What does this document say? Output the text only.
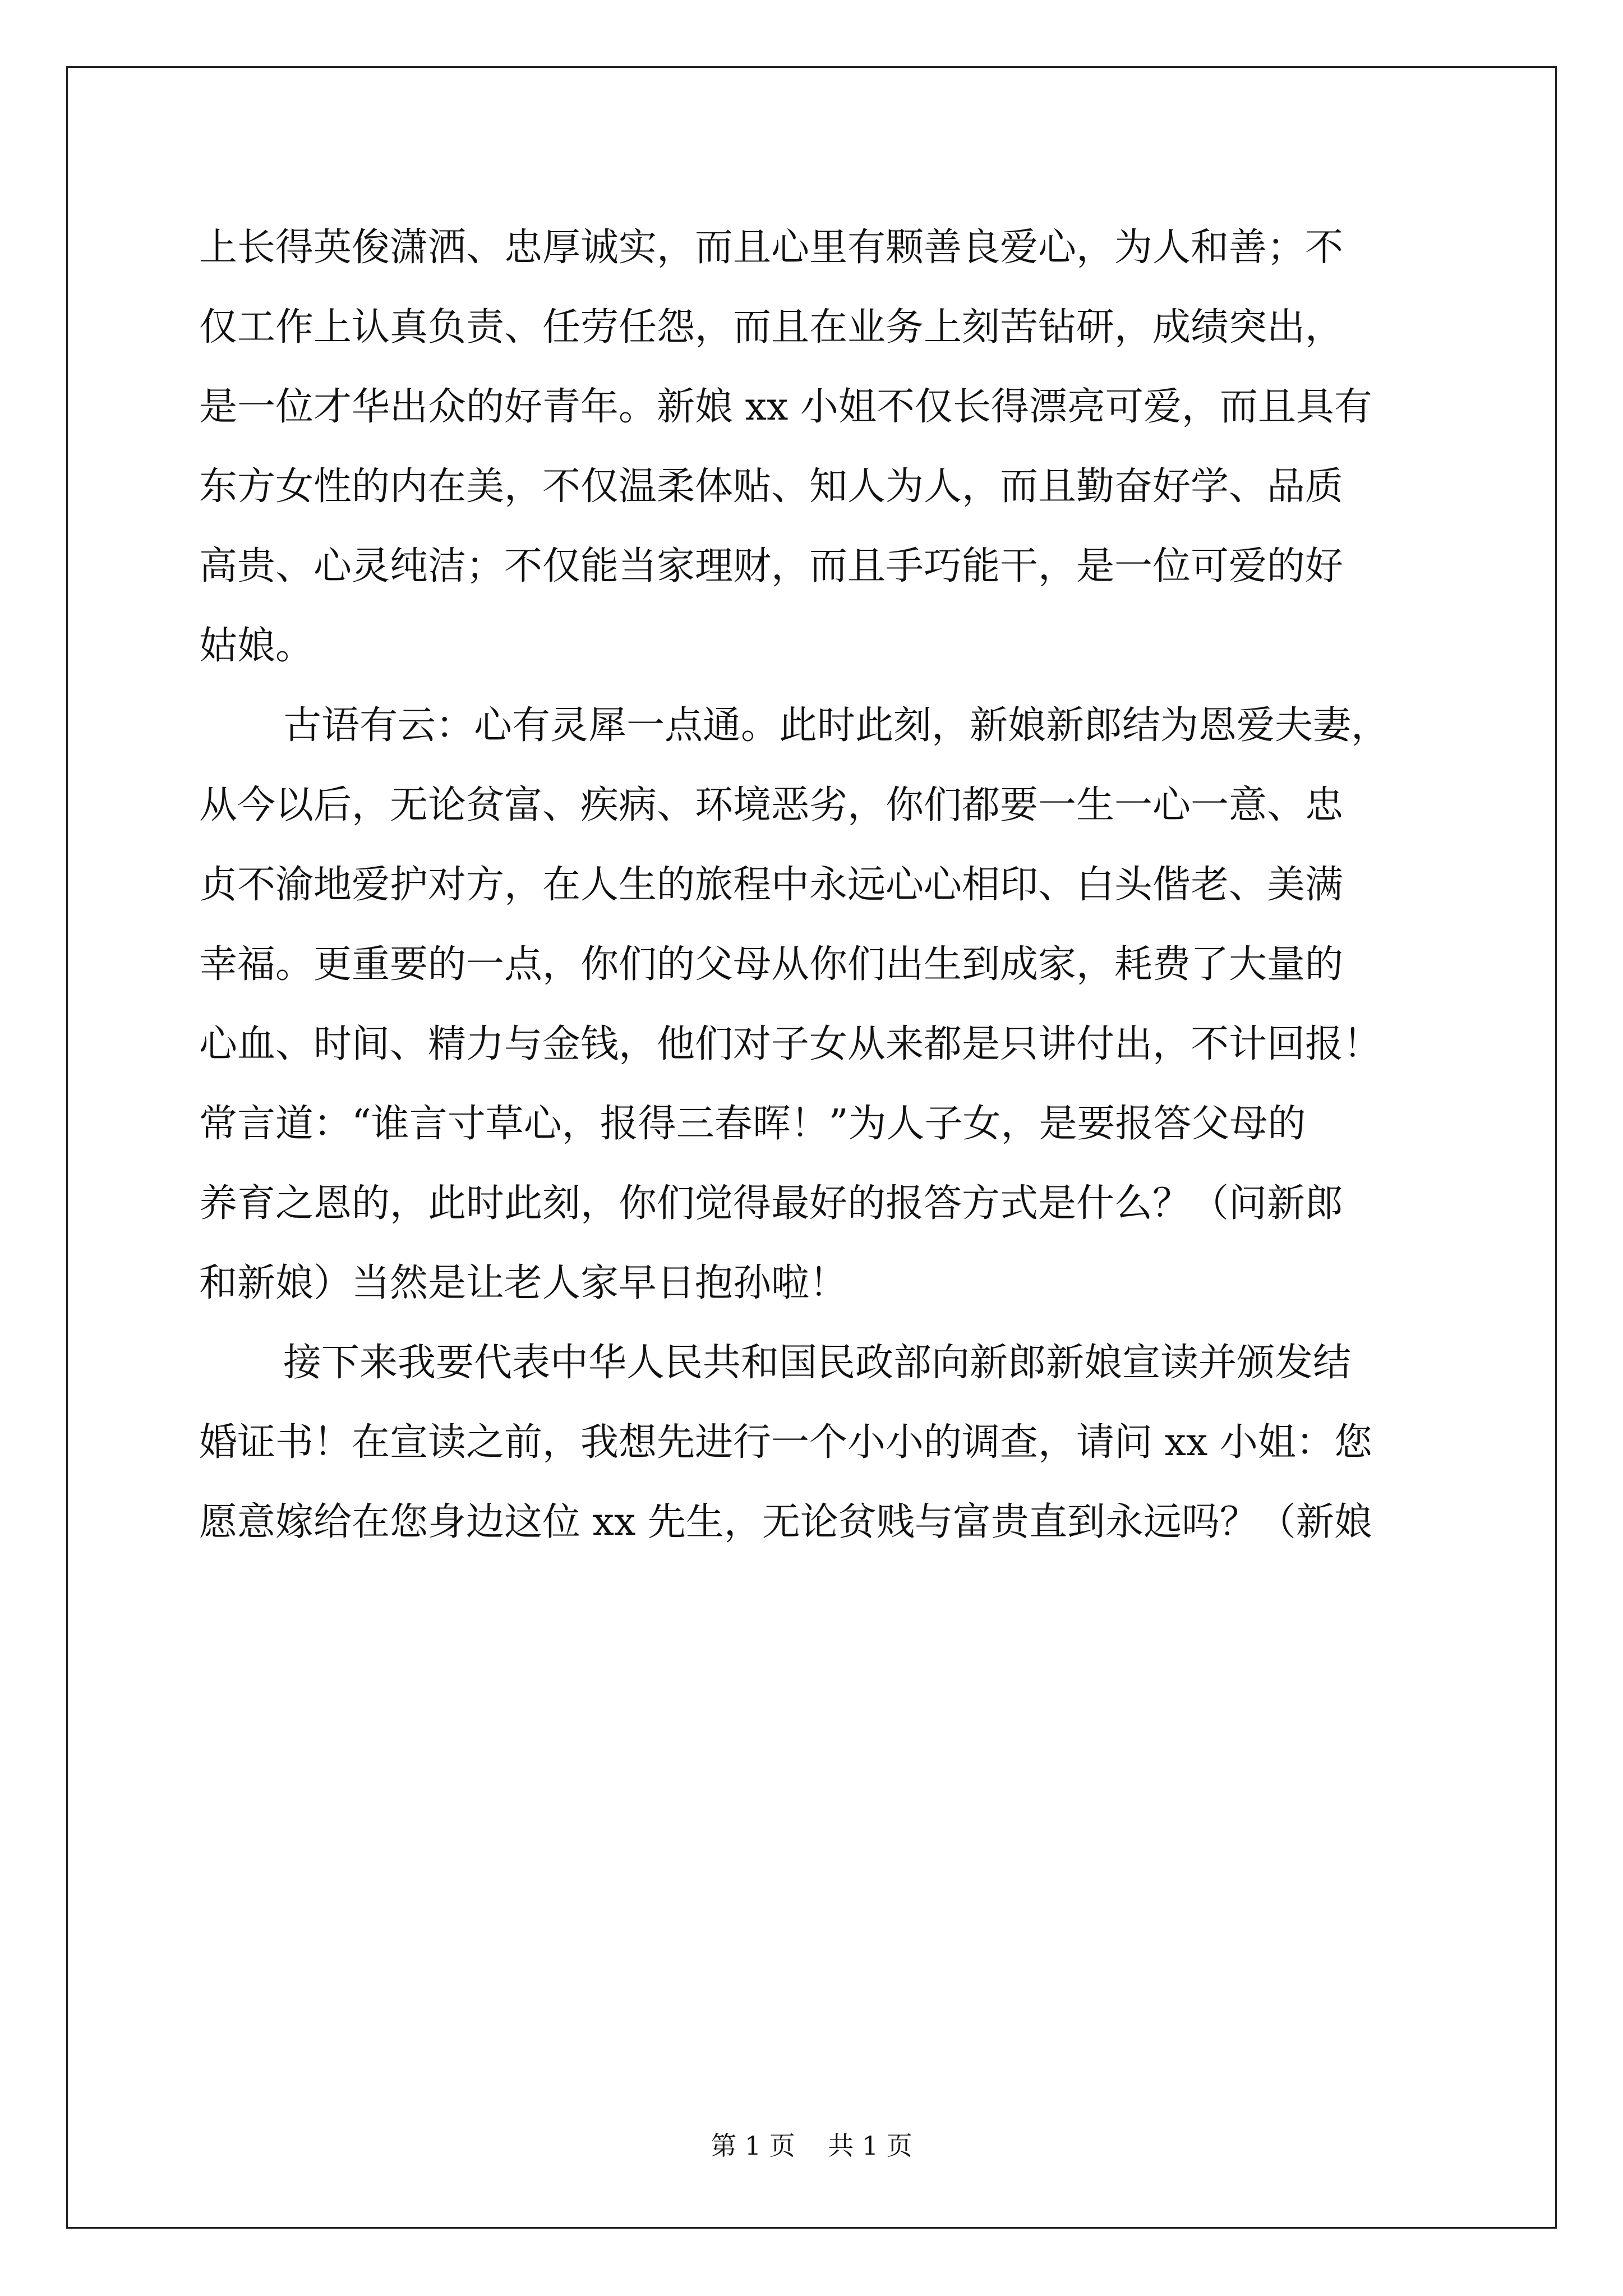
上长得英俊潇洒、忠厚诚实，而且心里有颗善良爱心，为人和善；不
仅工作上认真负责、任劳任怨，而且在业务上刻苦钻研，成绩突出，
是一位才华出众的好青年。新娘 xx 小姐不仅长得漂亮可爱，而且具有
东方女性的内在美，不仅温柔体贴、知人为人，而且勤奋好学、品质
高贵、心灵纯洁；不仅能当家理财，而且手巧能干，是一位可爱的好
姑娘。
古语有云：心有灵犀一点通。此时此刻，新娘新郎结为恩爱夫妻，
从今以后，无论贫富、疾病、环境恶劣，你们都要一生一心一意、忠
贞不渝地爱护对方，在人生的旅程中永远心心相印、白头偕老、美满
幸福。更重要的一点，你们的父母从你们出生到成家，耗费了大量的
心血、时间、精力与金钱，他们对子女从来都是只讲付出，不计回报！
常言道：“谁言寸草心，报得三春晖！”为人子女，是要报答父母的
养育之恩的，此时此刻，你们觉得最好的报答方式是什么？（问新郎
和新娘）当然是让老人家早日抱孙啦！
接下来我要代表中华人民共和国民政部向新郎新娘宣读并颁发结
婚证书！在宣读之前，我想先进行一个小小的调查，请问 xx 小姐：您
愿意嫁给在您身边这位 xx 先生，无论贫贱与富贵直到永远吗？（新娘
第 1 页    共 1 页
